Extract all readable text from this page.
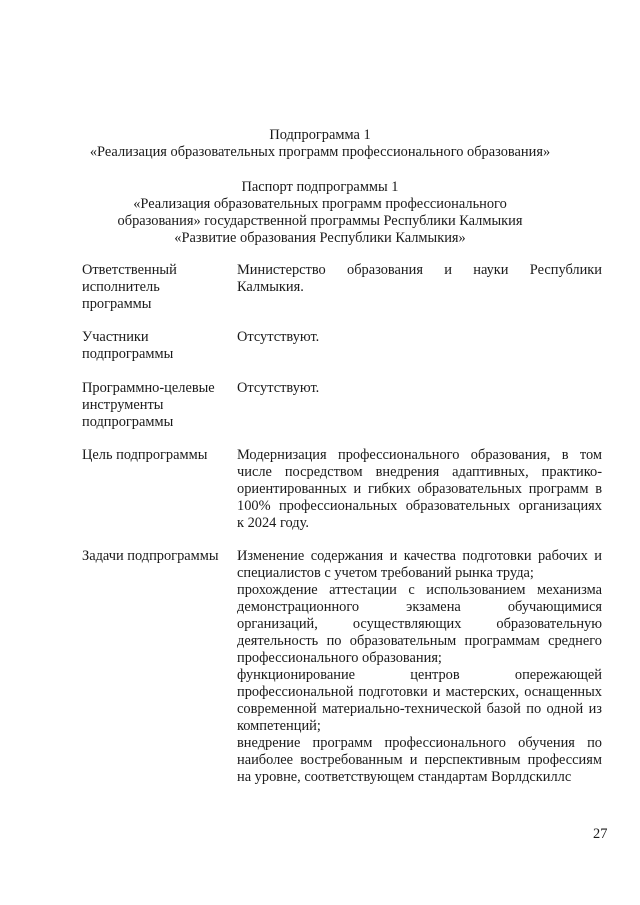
Подпрограмма 1
«Реализация образовательных программ профессионального образования»
Паспорт подпрограммы 1
«Реализация образовательных программ профессионального
образования» государственной программы Республики Калмыкия
«Развитие образования Республики Калмыкия»
Ответственный
исполнитель
программы
Министерство образования и науки Республики
Калмыкия.
Участники
подпрограммы
Отсутствуют.
Программно-целевые
инструменты
подпрограммы
Отсутствуют.
Цель подпрограммы	Модернизация профессионального образования, в том
числе посредством внедрения адаптивных, практико-
ориентированных и гибких образовательных программ в
100% профессиональных образовательных организациях
к 2024 году.
Задачи подпрограммы	Изменение содержания и качества подготовки рабочих и
специалистов с учетом требований рынка труда;
прохождение аттестации с использованием механизма
демонстрационного экзамена обучающимися
организаций, осуществляющих образовательную
деятельность по образовательным программам среднего
профессионального образования;
функционирование центров опережающей
профессиональной подготовки и мастерских, оснащенных
современной материально-технической базой по одной из
компетенций;
внедрение программ профессионального обучения по
наиболее востребованным и перспективным профессиям
на уровне, соответствующем стандартам Ворлдскиллс
27
